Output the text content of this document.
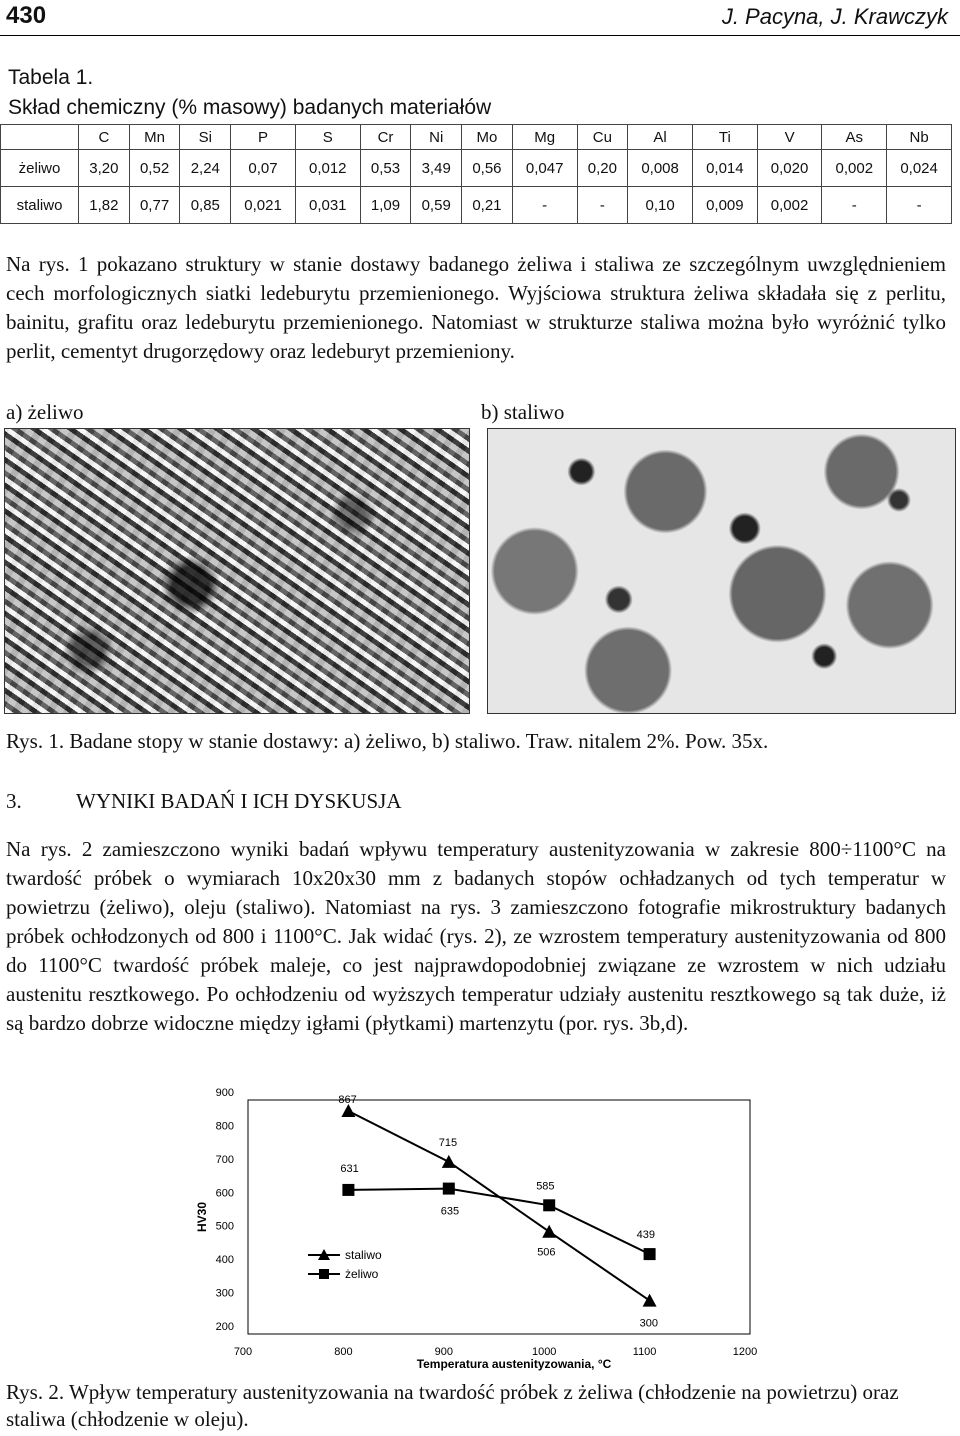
430	J. Pacyna, J. Krawczyk
Tabela 1.
Skład chemiczny (% masowy) badanych materiałów
	C	Mn	Si	P	S	Cr	Ni	Mo	Mg	Cu	Al	Ti	V	As	Nb
żeliwo	3,20	0,52	2,24	0,07	0,012	0,53	3,49	0,56	0,047	0,20	0,008	0,014	0,020	0,002	0,024
staliwo	1,82	0,77	0,85	0,021	0,031	1,09	0,59	0,21	-	-	0,10	0,009	0,002	-	-

Na rys. 1 pokazano struktury w stanie dostawy badanego żeliwa i staliwa ze szczególnym uwzględnieniem cech morfologicznych siatki ledeburytu przemienionego. Wyjściowa struktura żeliwa składała się z perlitu, bainitu, grafitu oraz ledeburytu przemienionego. Natomiast w strukturze staliwa można było wyróżnić tylko perlit, cementyt drugorzędowy oraz ledeburyt przemieniony.

a) żeliwo	b) staliwo
Rys. 1. Badane stopy w stanie dostawy: a) żeliwo, b) staliwo. Traw. nitalem 2%. Pow. 35x.
3.	WYNIKI BADAŃ I ICH DYSKUSJA

Na rys. 2 zamieszczono wyniki badań wpływu temperatury austenityzowania w zakresie 800÷1100°C na twardość próbek o wymiarach 10x20x30 mm z badanych stopów ochładzanych od tych temperatur w powietrzu (żeliwo), oleju (staliwo). Natomiast na rys. 3 zamieszczono fotografie mikrostruktury badanych próbek ochłodzonych od 800 i 1100°C. Jak widać (rys. 2), ze wzrostem temperatury austenityzowania od 800 do 1100°C twardość próbek maleje, co jest najprawdopodobniej związane ze wzrostem w nich udziału austenitu resztkowego. Po ochłodzeniu od wyższych temperatur udziały austenitu resztkowego są tak duże, iż są bardzo dobrze widoczne między igłami (płytkami) martenzytu (por. rys. 3b,d).

200
300
400
500
600
700
800
900
700	800	900	1000	1100	1200
867
715
506
300
631
635
585
439
HV30
Temperatura austenityzowania, °C
staliwo
żeliwo
Rys. 2. Wpływ temperatury austenityzowania na twardość próbek z żeliwa (chłodzenie na powietrzu) oraz staliwa (chłodzenie w oleju).
